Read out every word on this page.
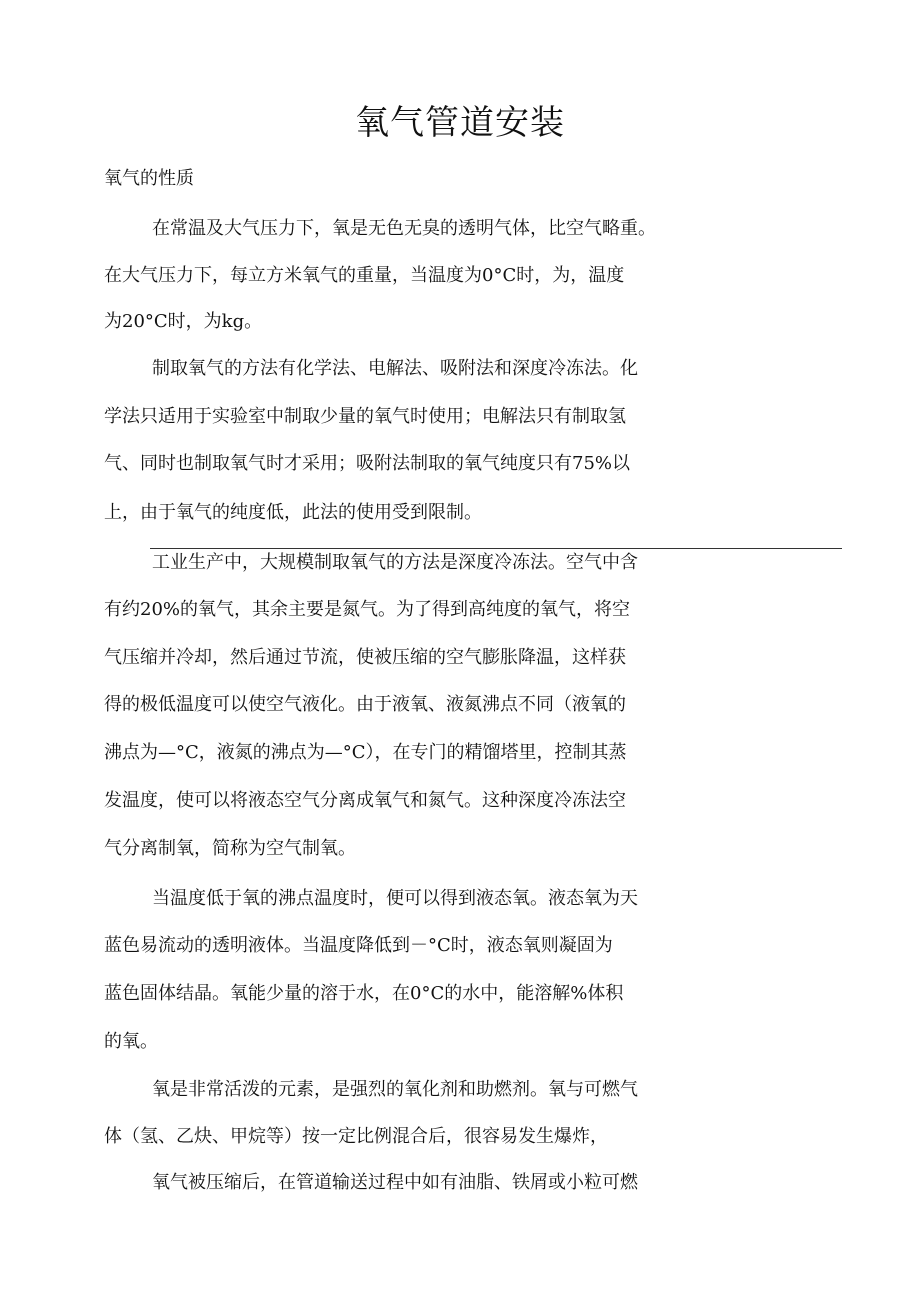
氧气管道安装
氧气的性质
在常温及大气压力下，氧是无色无臭的透明气体，比空气略重。
在大气压力下，每立方米氧气的重量，当温度为0°C时，为，温度
为20°C时，为kg。
制取氧气的方法有化学法、电解法、吸附法和深度冷冻法。化
学法只适用于实验室中制取少量的氧气时使用；电解法只有制取氢
气、同时也制取氧气时才采用；吸附法制取的氧气纯度只有75%以
上，由于氧气的纯度低，此法的使用受到限制。
工业生产中，大规模制取氧气的方法是深度冷冻法。空气中含
有约20%的氧气，其余主要是氮气。为了得到高纯度的氧气，将空
气压缩并冷却，然后通过节流，使被压缩的空气膨胀降温，这样获
得的极低温度可以使空气液化。由于液氧、液氮沸点不同（液氧的
沸点为—°C，液氮的沸点为—°C），在专门的精馏塔里，控制其蒸
发温度，使可以将液态空气分离成氧气和氮气。这种深度冷冻法空
气分离制氧，简称为空气制氧。
当温度低于氧的沸点温度时，便可以得到液态氧。液态氧为天
蓝色易流动的透明液体。当温度降低到－°C时，液态氧则凝固为
蓝色固体结晶。氧能少量的溶于水，在0°C的水中，能溶解%体积
的氧。
氧是非常活泼的元素，是强烈的氧化剂和助燃剂。氧与可燃气
体（氢、乙炔、甲烷等）按一定比例混合后，很容易发生爆炸，
氧气被压缩后，在管道输送过程中如有油脂、铁屑或小粒可燃
